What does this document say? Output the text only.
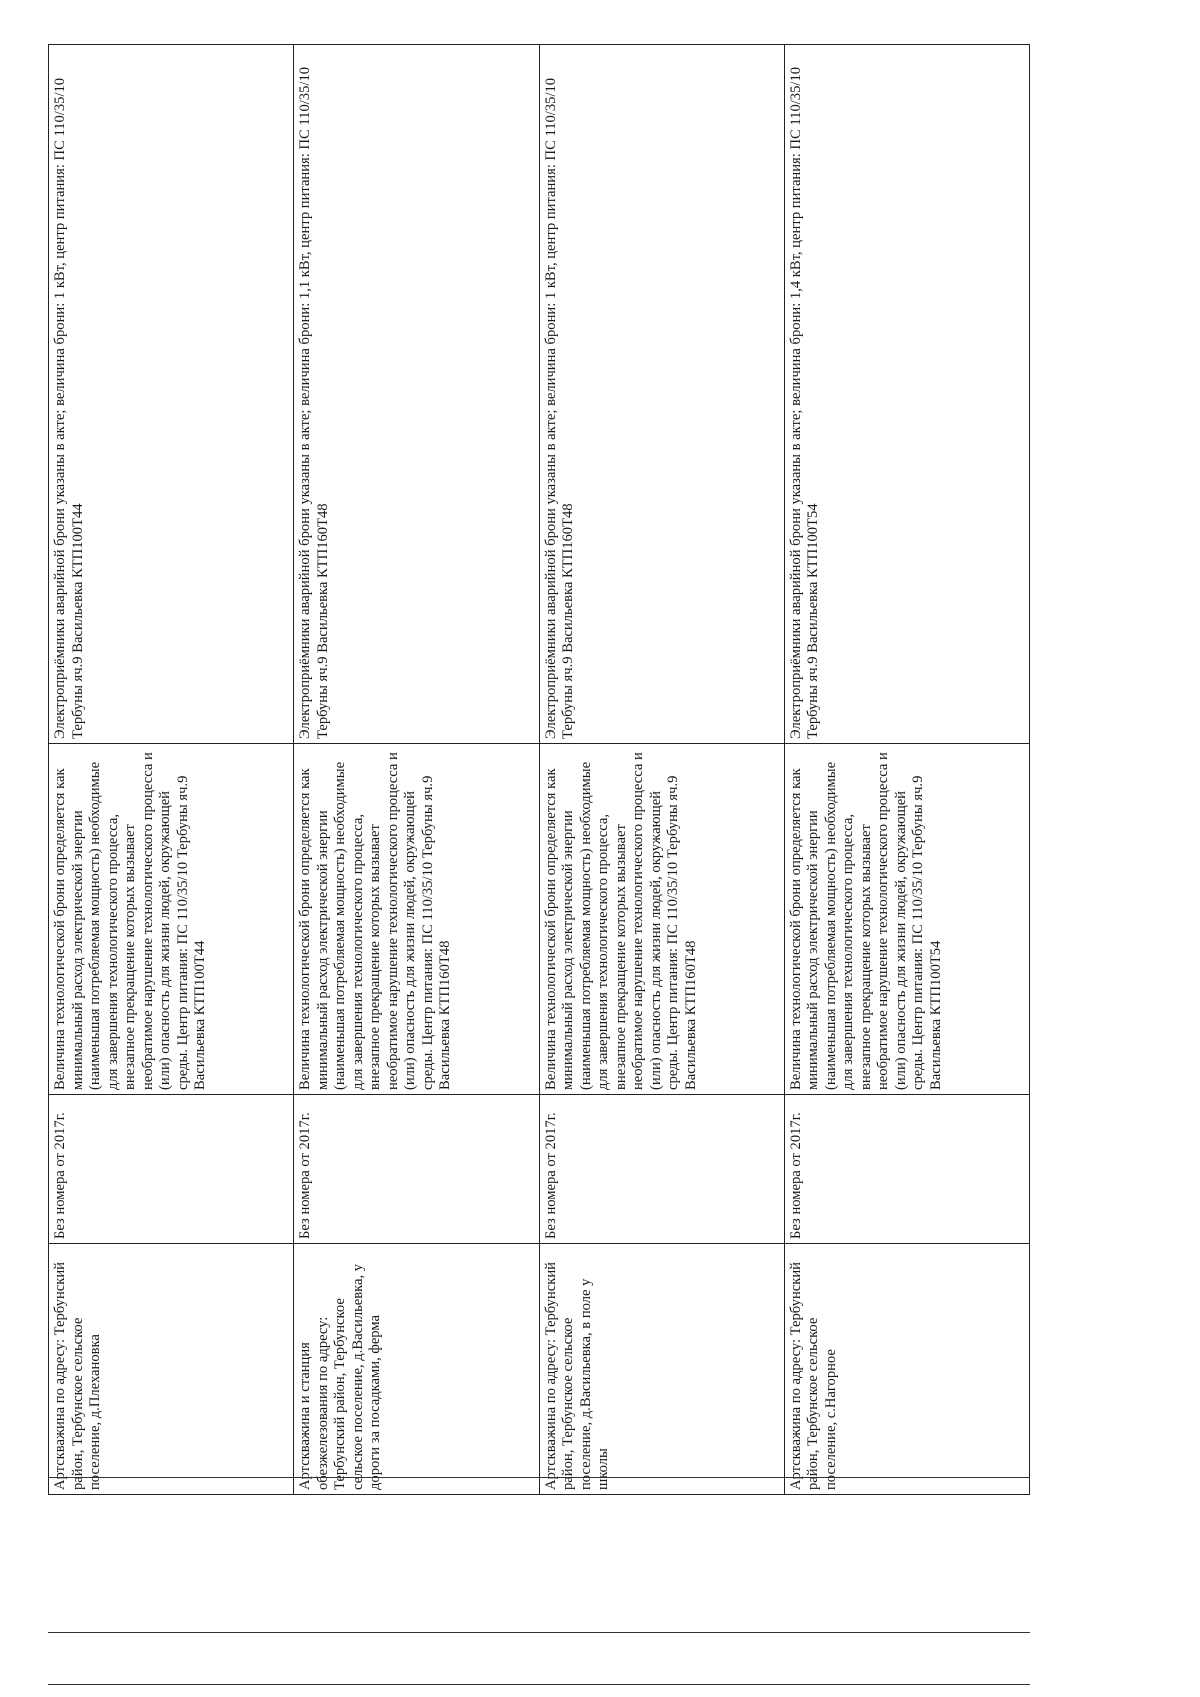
Артскважина по адресу: Тербунский район, Тербунское сельское поселение, д.Плехановка	Без номера от 2017г.	Величина технологической брони определяется как минимальный расход электрической энергии (наименьшая потребляемая мощность) необходимые для завершения технологического процесса, внезапное прекращение которых вызывает необратимое нарушение технологического процесса и (или) опасность для жизни людей, окружающей среды. Центр питания: ПС 110/35/10 Тербуны яч.9 Васильевка КТП100Т44	Электроприёмники аварийной брони указаны в акте; величина брони: 1 кВт, центр питания: ПС 110/35/10 Тербуны яч.9 Васильевка КТП100Т44
Артскважина и станция обезжелезования по адресу: Тербунский район, Тербунское сельское поселение, д.Васильевка, у дороги за посадками, ферма	Без номера от 2017г.	Величина технологической брони определяется как минимальный расход электрической энергии (наименьшая потребляемая мощность) необходимые для завершения технологического процесса, внезапное прекращение которых вызывает необратимое нарушение технологического процесса и (или) опасность для жизни людей, окружающей среды. Центр питания: ПС 110/35/10 Тербуны яч.9 Васильевка КТП160Т48	Электроприёмники аварийной брони указаны в акте; величина брони: 1,1 кВт, центр питания: ПС 110/35/10 Тербуны яч.9 Васильевка КТП160Т48
Артскважина по адресу: Тербунский район, Тербунское сельское поселение, д.Васильевка, в поле у школы	Без номера от 2017г.	Величина технологической брони определяется как минимальный расход электрической энергии (наименьшая потребляемая мощность) необходимые для завершения технологического процесса, внезапное прекращение которых вызывает необратимое нарушение технологического процесса и (или) опасность для жизни людей, окружающей среды. Центр питания: ПС 110/35/10 Тербуны яч.9 Васильевка КТП160Т48	Электроприёмники аварийной брони указаны в акте; величина брони: 1 кВт, центр питания: ПС 110/35/10 Тербуны яч.9 Васильевка КТП160Т48
Артскважина по адресу: Тербунский район, Тербунское сельское поселение, с.Нагорное	Без номера от 2017г.	Величина технологической брони определяется как минимальный расход электрической энергии (наименьшая потребляемая мощность) необходимые для завершения технологического процесса, внезапное прекращение которых вызывает необратимое нарушение технологического процесса и (или) опасность для жизни людей, окружающей среды. Центр питания: ПС 110/35/10 Тербуны яч.9 Васильевка КТП100Т54	Электроприёмники аварийной брони указаны в акте; величина брони: 1,4 кВт, центр питания: ПС 110/35/10 Тербуны яч.9 Васильевка КТП100Т54
